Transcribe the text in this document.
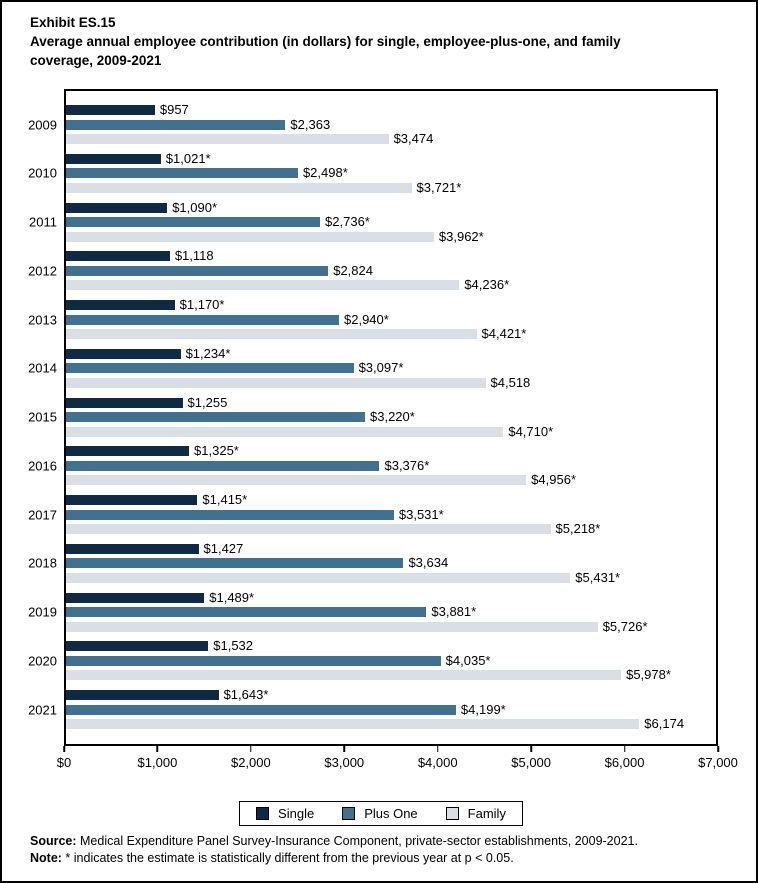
Exhibit ES.15
Average annual employee contribution (in dollars) for single, employee-plus-one, and family
coverage, 2009-2021
2009
$957
$2,363
$3,474
2010
$1,021*
$2,498*
$3,721*
2011
$1,090*
$2,736*
$3,962*
2012
$1,118
$2,824
$4,236*
2013
$1,170*
$2,940*
$4,421*
2014
$1,234*
$3,097*
$4,518
2015
$1,255
$3,220*
$4,710*
2016
$1,325*
$3,376*
$4,956*
2017
$1,415*
$3,531*
$5,218*
2018
$1,427
$3,634
$5,431*
2019
$1,489*
$3,881*
$5,726*
2020
$1,532
$4,035*
$5,978*
2021
$1,643*
$4,199*
$6,174
$0	$1,000	$2,000	$3,000	$4,000	$5,000	$6,000	$7,000
Single	Plus One	Family
Source: Medical Expenditure Panel Survey-Insurance Component, private-sector establishments, 2009-2021.
Note: * indicates the estimate is statistically different from the previous year at p < 0.05.
